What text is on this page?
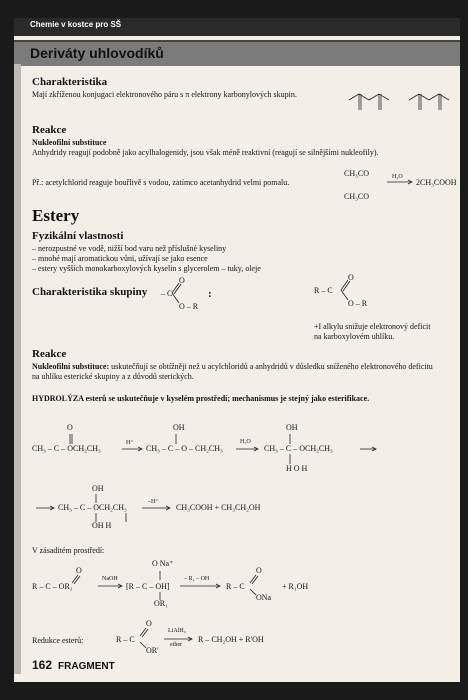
Chemie v kostce pro SŠ
Deriváty uhlovodíků
Charakteristika
Mají zkříženou konjugaci elektronového páru s π elektrony karbonylových skupin.
Reakce
Nukleofilní substituce
Anhydridy reagují podobně jako acylhalogenidy, jsou však méně reaktivní (reagují se silnějšími nukleofily).
Př.: acetylchlorid reaguje bouřlivě s vodou, zatímco acetanhydrid velmi pomalu.
CH₃CO
CH₃CO
H₂O
2CH₃COOH
Estery
Fyzikální vlastnosti
– nerozpustné ve vodě, nižší bod varu než příslušné kyseliny
– mnohé mají aromatickou vůni, užívají se jako esence
– estery vyšších monokarboxylových kyselin s glycerolem – tuky, oleje
Charakteristika skupiny – C
O
O – R
:	R – C
O
O – R
+I alkylu snižuje elektronový deficit
na karboxylovém uhlíku.
Reakce
Nukleofilní substituce: uskutečňují se obtížněji než u acylchloridů a anhydridů v důsledku sníženého elektronového deficitu na uhlíku esterické skupiny a z důvodů sterických.
HYDROLÝZA esterů se uskutečňuje v kyselém prostředí; mechanismus je stejný jako esterifikace.
O
CH₃ – C – OCH₂CH₃
H⁺
OH
CH₃ – C – O – CH₂CH₃
H₂O
OH
CH₃ – C – OCH₂CH₃
H O H
OH
CH₃ – C – OCH₂CH₃
OH H
–H⁺
CH₃COOH + CH₃CH₂OH
V zásaditém prostředí:
O
R – C – OR₁
NaOH
O Na⁺
[R – C – OH]
OR₁
– R₁ – OH
O
R – C
ONa
+ R₁OH
Redukce esterů:
O
R – C
OR'
LiAlH₄
ether
R – CH₂OH + R'OH
162 FRAGMENT
